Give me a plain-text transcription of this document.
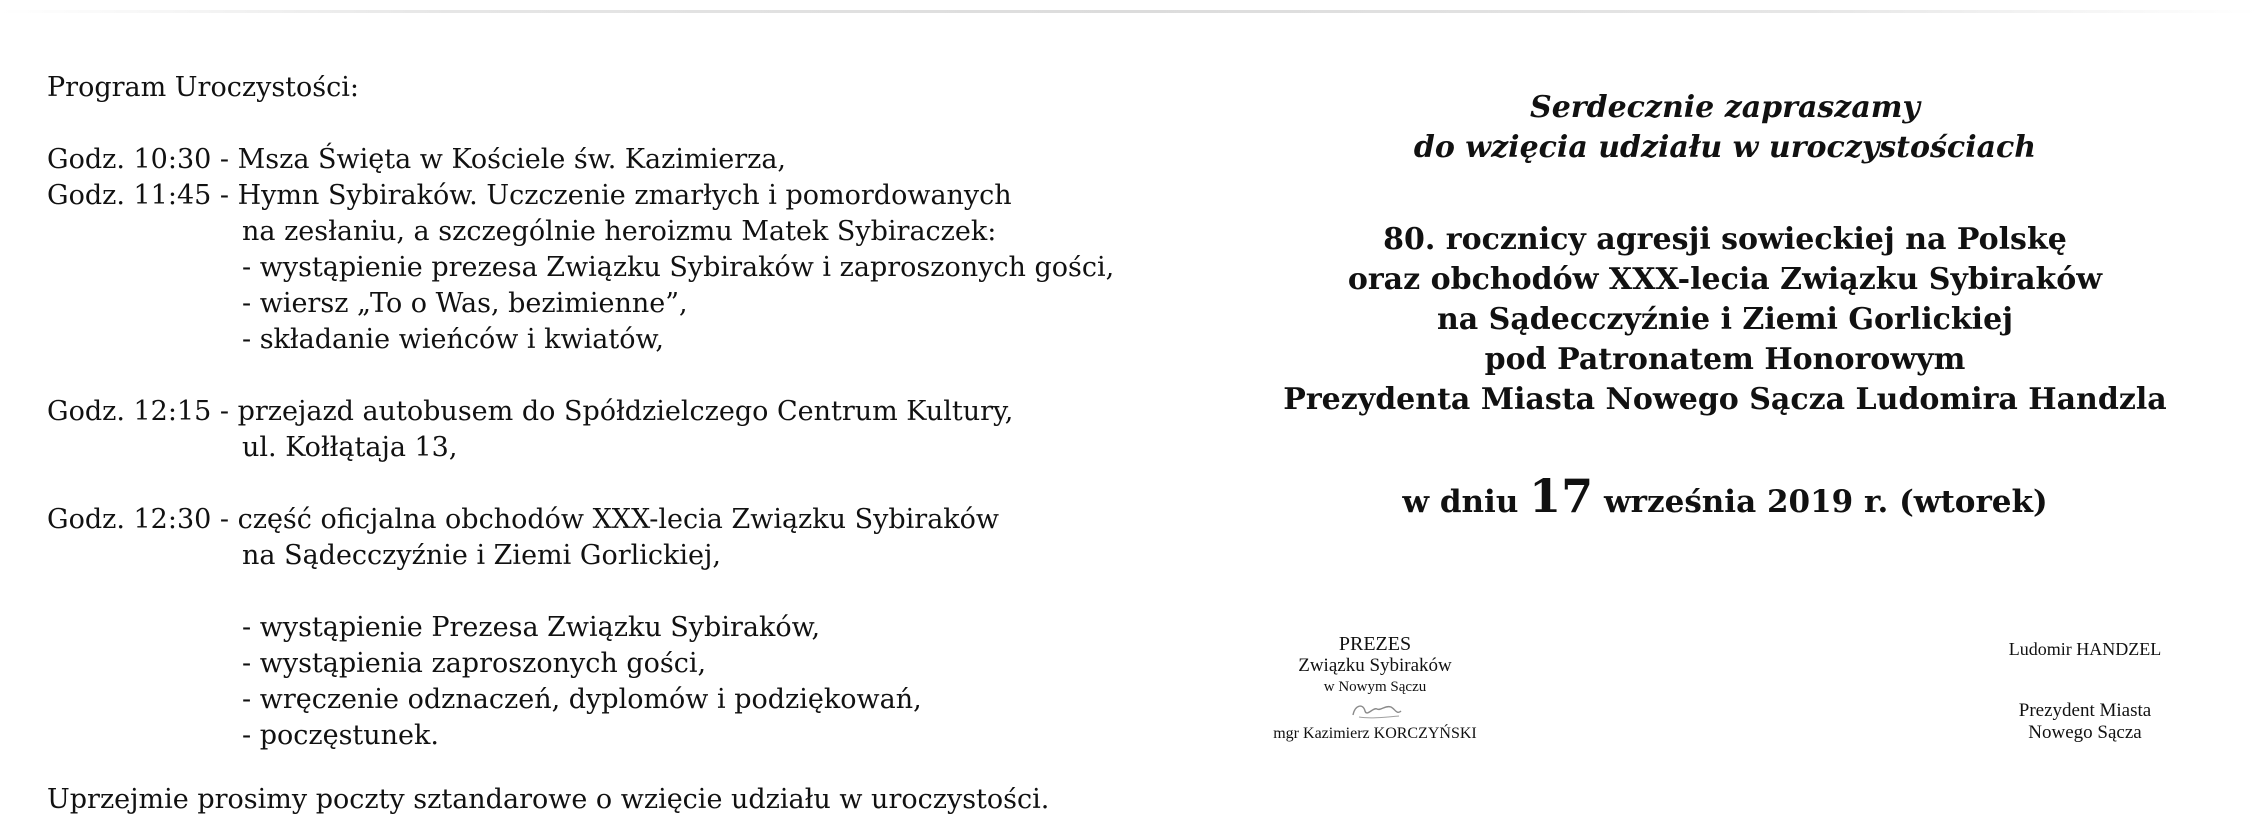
Program Uroczystości:
Godz. 10:30 - Msza Święta w Kościele św. Kazimierza,
Godz. 11:45 - Hymn Sybiraków. Uczczenie zmarłych i pomordowanych
na zesłaniu, a szczególnie heroizmu Matek Sybiraczek:
- wystąpienie prezesa Związku Sybiraków i zaproszonych gości,
- wiersz „To o Was, bezimienne”,
- składanie wieńców i kwiatów,
Godz. 12:15 - przejazd autobusem do Spółdzielczego Centrum Kultury,
ul. Kołłątaja 13,
Godz. 12:30 - część oficjalna obchodów XXX-lecia Związku Sybiraków
na Sądecczyźnie i Ziemi Gorlickiej,
- wystąpienie Prezesa Związku Sybiraków,
- wystąpienia zaproszonych gości,
- wręczenie odznaczeń, dyplomów i podziękowań,
- poczęstunek.
Uprzejmie prosimy poczty sztandarowe o wzięcie udziału w uroczystości.
Serdecznie zapraszamy
do wzięcia udziału w uroczystościach
80. rocznicy agresji sowieckiej na Polskę
oraz obchodów XXX-lecia Związku Sybiraków
na Sądecczyźnie i Ziemi Gorlickiej
pod Patronatem Honorowym
Prezydenta Miasta Nowego Sącza Ludomira Handzla
w dniu 17 września 2019 r. (wtorek)
PREZES
Związku Sybiraków
w Nowym Sączu
mgr Kazimierz KORCZYŃSKI
Ludomir HANDZEL
Prezydent Miasta
Nowego Sącza
